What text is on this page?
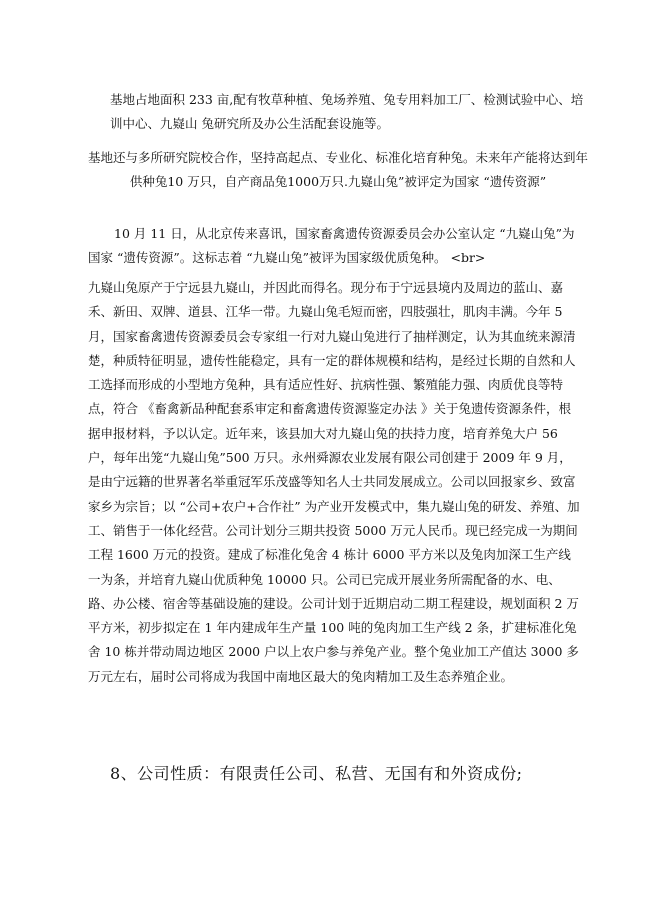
基地占地面积 233 亩,配有牧草种植、兔场养殖、兔专用料加工厂、检测试验中心、培训中心、九嶷山 兔研究所及办公生活配套设施等。

基地还与多所研究院校合作，坚持高起点、专业化、标准化培育种兔。未来年产能将达到年供种兔10 万只，自产商品兔1000万只.九嶷山兔”被评定为国家 “遗传资源”

10 月 11 日，从北京传来喜讯，国家畜禽遗传资源委员会办公室认定 “九嶷山兔”为国家 “遗传资源”。这标志着 “九嶷山兔”被评为国家级优质兔种。 <br>

九嶷山兔原产于宁远县九嶷山，并因此而得名。现分布于宁远县境内及周边的蓝山、嘉禾、新田、双牌、道县、江华一带。九嶷山兔毛短而密，四肢强壮，肌肉丰满。今年 5 月，国家畜禽遗传资源委员会专家组一行对九嶷山兔进行了抽样测定，认为其血统来源清楚，种质特征明显，遗传性能稳定，具有一定的群体规模和结构，是经过长期的自然和人工选择而形成的小型地方兔种，具有适应性好、抗病性强、繁殖能力强、肉质优良等特点，符合 《畜禽新品种配套系审定和畜禽遗传资源鉴定办法 》关于兔遗传资源条件，根据申报材料，予以认定。近年来，该县加大对九嶷山兔的扶持力度，培育养兔大户 56 户，每年出笼“九嶷山兔”500 万只。永州舜源农业发展有限公司创建于 2009 年 9 月，是由宁远籍的世界著名举重冠军乐茂盛等知名人士共同发展成立。公司以回报家乡、致富家乡为宗旨；以 “公司+农户+合作社” 为产业开发模式中，集九嶷山兔的研发、养殖、加工、销售于一体化经营。公司计划分三期共投资 5000 万元人民币。现已经完成一为期间工程 1600 万元的投资。建成了标准化兔舍 4 栋计 6000 平方米以及兔肉加深工生产线一为条，并培育九嶷山优质种兔 10000 只。公司已完成开展业务所需配备的水、电、路、办公楼、宿舍等基础设施的建设。公司计划于近期启动二期工程建设，规划面积 2 万平方米，初步拟定在 1 年内建成年生产量 100 吨的兔肉加工生产线 2 条，扩建标准化兔舍 10 栋并带动周边地区 2000 户以上农户参与养兔产业。整个兔业加工产值达 3000 多万元左右，届时公司将成为我国中南地区最大的兔肉精加工及生态养殖企业。

8、公司性质：有限责任公司、私营、无国有和外资成份;
